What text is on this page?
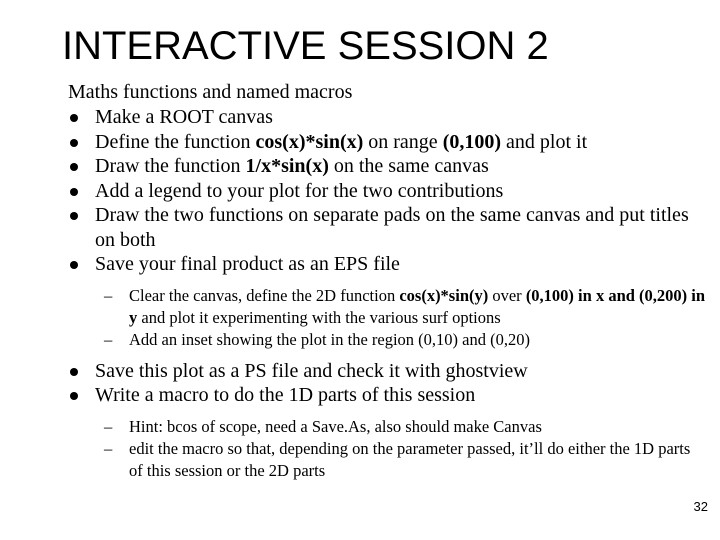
INTERACTIVE SESSION 2
Maths functions and named macros
Make a ROOT canvas
Define the function cos(x)*sin(x) on range (0,100) and plot it
Draw the function 1/x*sin(x) on the same canvas
Add a legend to your plot for the two contributions
Draw the two functions on separate pads on the same canvas and put titles on both
Save your final product as an EPS file
– Clear the canvas, define the 2D function cos(x)*sin(y) over (0,100) in x and (0,200) in y and plot it experimenting with the various surf options
– Add an inset showing the plot in the region (0,10) and (0,20)
Save this plot as a PS file and check it with ghostview
Write a macro to do the 1D parts of this session
– Hint: bcos of scope, need a Save.As, also should make Canvas
– edit the macro so that, depending on the parameter passed, it’ll do either the 1D parts of this session or the 2D parts
32
